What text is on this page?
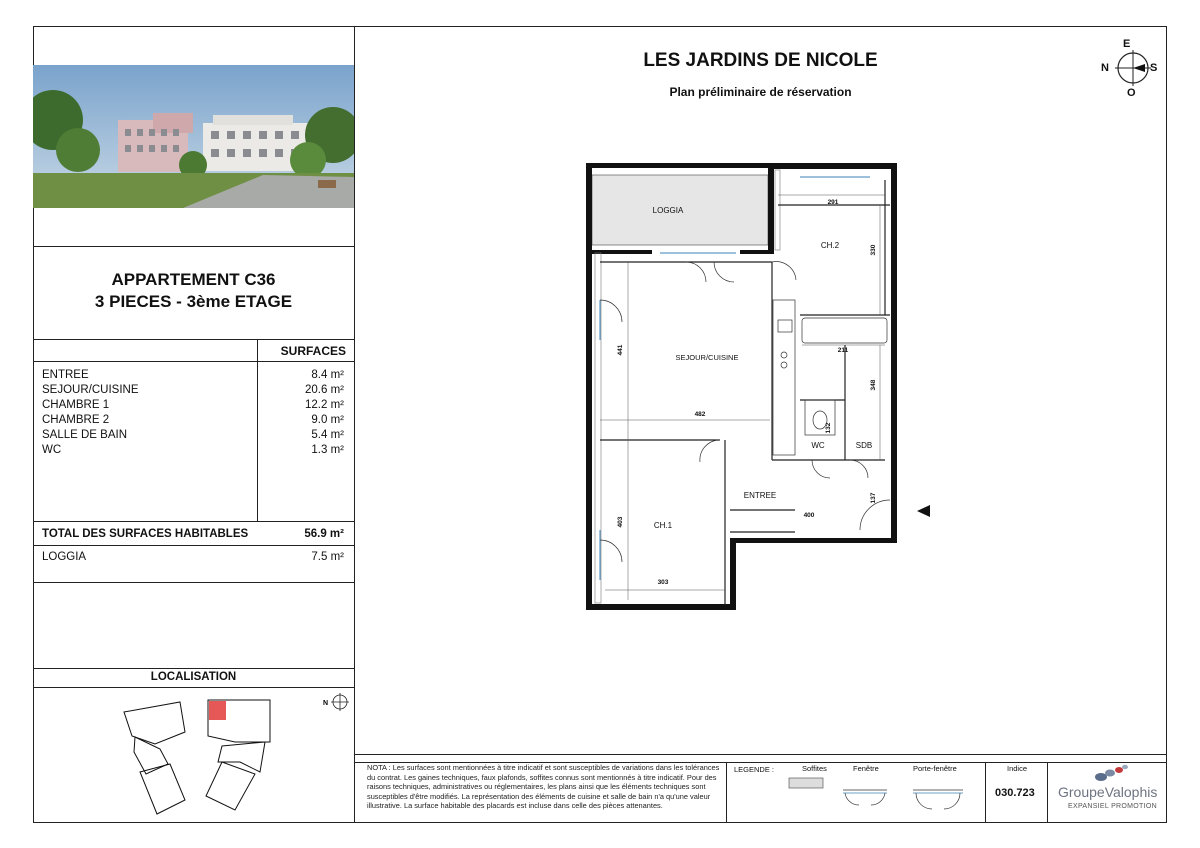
APPARTEMENT C36
3 PIECES - 3ème ETAGE
SURFACES
ENTREE	8.4 m²
SEJOUR/CUISINE	20.6 m²
CHAMBRE 1	12.2 m²
CHAMBRE 2	9.0 m²
SALLE DE BAIN	5.4 m²
WC	1.3 m²
TOTAL DES SURFACES HABITABLES	56.9 m²
LOGGIA	7.5 m²
LOCALISATION
N
LES JARDINS DE NICOLE
Plan préliminaire de réservation
E
N	S
O
LOGGIA
CH.2
SEJOUR/CUISINE
WC	SDB
ENTREE
CH.1
291
330
211
348
441
482
132
137
400
403
303
NOTA : Les surfaces sont mentionnées à titre indicatif et sont susceptibles de variations dans les tolérances du contrat. Les gaines techniques, faux plafonds, soffites connus sont mentionnés à titre indicatif. Pour des raisons techniques, administratives ou réglementaires, les plans ainsi que les éléments techniques sont susceptibles d'être modifiés. La représentation des éléments de cuisine et salle de bain n'a qu'une valeur illustrative. La surface habitable des placards est incluse dans celle des pièces attenantes.
LEGENDE :	Soffites	Fenêtre	Porte-fenêtre	Indice
030.723 GroupeValophis
EXPANSIEL PROMOTION
